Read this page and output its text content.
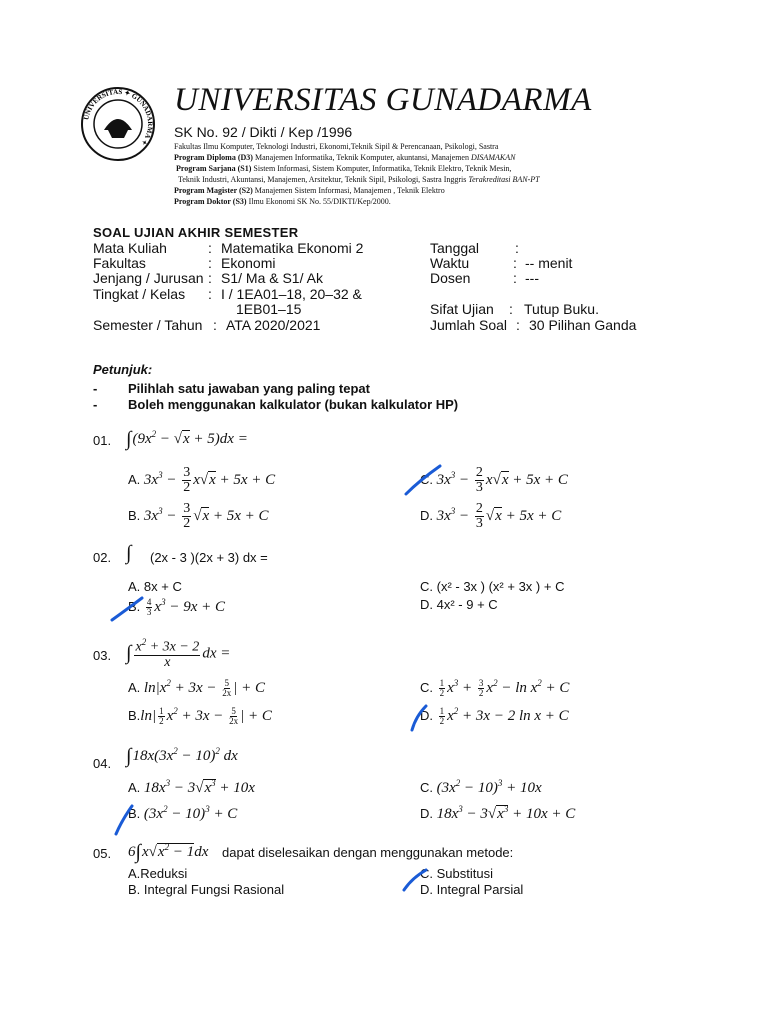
UNIVERSITAS ✦ GUNADARMA ✦
UNIVERSITAS GUNADARMA
SK No. 92 / Dikti / Kep /1996
Fakultas Ilmu Komputer, Teknologi Industri, Ekonomi,Teknik Sipil & Perencanaan, Psikologi, Sastra
Program Diploma (D3) Manajemen Informatika, Teknik Komputer, akuntansi, Manajemen DISAMAKAN
Program Sarjana (S1) Sistem Informasi, Sistem Komputer, Informatika, Teknik Elektro, Teknik Mesin,
Teknik Industri, Akuntansi, Manajemen, Arsitektur, Teknik Sipil, Psikologi, Sastra Inggris Terakreditasi BAN-PT
Program Magister (S2) Manajemen Sistem Informasi, Manajemen , Teknik Elektro
Program Doktor (S3) Ilmu Ekonomi SK No. 55/DIKTI/Kep/2000.
SOAL UJIAN AKHIR SEMESTER
Mata Kuliah	: Matematika Ekonomi 2
Fakultas	: Ekonomi
Jenjang / Jurusan : S1/ Ma & S1/ Ak
Tingkat / Kelas : I / 1EA01–18, 20–32 &
1EB01–15
Semester / Tahun : ATA 2020/2021
Tanggal	:
Waktu	: -- menit
Dosen	: ---
Sifat Ujian : Tutup Buku.
Jumlah Soal : 30 Pilihan Ganda
Petunjuk:
- Pilihlah satu jawaban yang paling tepat
- Boleh menggunakan kalkulator (bukan kalkulator HP)
01. $\int(9x^2$ − √ x + 5)dx =
A. $3x^3 - \frac{3}{2} x√$ x + 5x + C	C. $3x^3 - \frac{2}{3} x√$ x + 5x + C
B. $3x^3 - \frac{3}{2}$
√ x + 5x + C	D. $3x^3 - \frac{2}{3}$
√ x + 5x + C
02. ∫ (2x - 3 )(2x + 3) dx =
A. 8x + C	C. (x² - 3x ) (x² + 3x ) + C
B. $\frac{4}{3} x^3 - 9x + C$	D. 4x² - 9 + C
03. ∫ $\frac{x^2 + 3x - 2}{x}$ dx =
A. $\ln|x^2 + 3x - \frac{5}{2x}$ | + C	C. $\frac{1}{2} x^3 + \frac{3}{2} x^2 - \ln x^2 + C$
$B.\ln| \frac{1}{2} x^2 + 3x - \frac{5}{2x}$ | + C	D. $\frac{1}{2} x^2 + 3x - 2$ ln x + C
$\int 18x(3x^2 - 10)^2$ dx
04.
A. $18x^3 - 3√$ $x^3 + 10x$	C. $(3x^2 - 10)^3 + 10x$
B. $(3x^2 - 10)^3 + C$	D. $18x^3 - 3√$ $x^3 + 10x + C$
05. 6∫x√ $x^2 - 1dx$ dapat diselesaikan dengan menggunakan metode:
A.Reduksi	C. Substitusi
B. Integral Fungsi Rasional	D. Integral Parsial
